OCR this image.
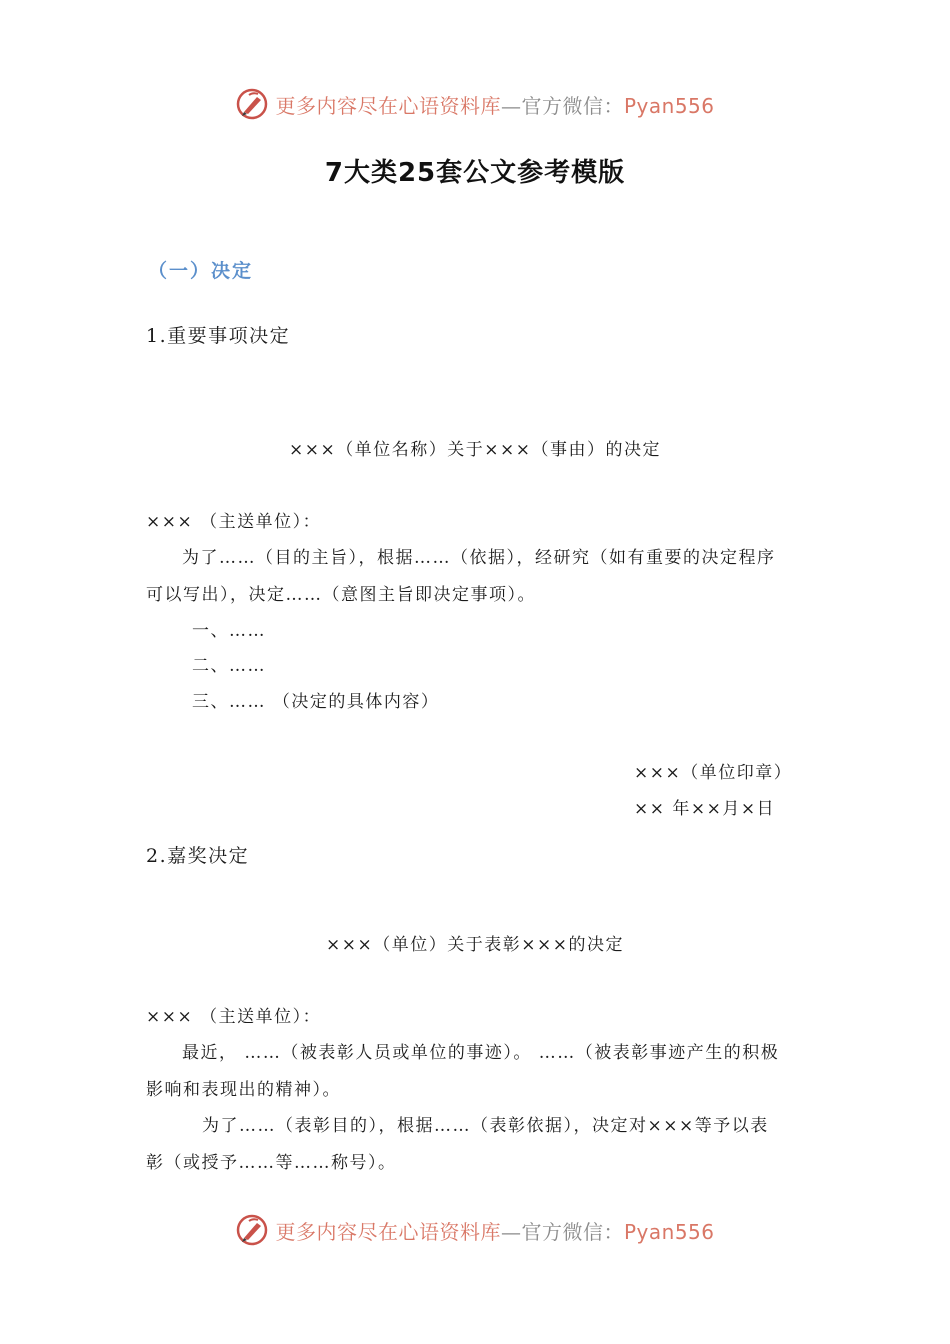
更多内容尽在心语资料库—官方微信：Pyan556
7大类25套公文参考模版
（一）决定
1.重要事项决定
×××（单位名称）关于×××（事由）的决定
××× （主送单位）：
为了……（目的主旨），根据……（依据），经研究（如有重要的决定程序
可以写出），决定……（意图主旨即决定事项）。
一、……
二、……
三、…… （决定的具体内容）
×××（单位印章）
×× 年××月×日
2.嘉奖决定
×××（单位）关于表彰×××的决定
××× （主送单位）：
最近， ……（被表彰人员或单位的事迹）。 ……（被表彰事迹产生的积极
影响和表现出的精神）。
为了……（表彰目的），根据……（表彰依据），决定对×××等予以表
彰（或授予……等……称号）。
更多内容尽在心语资料库—官方微信：Pyan556
